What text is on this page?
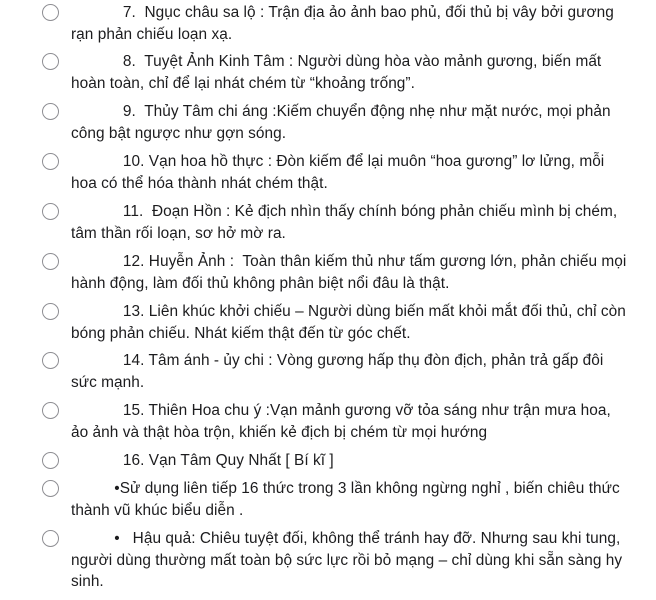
7.  Ngục châu sa lộ : Trận địa ảo ảnh bao phủ, đối thủ bị vây bởi gương rạn phản chiếu loạn xạ.
8.  Tuyệt Ảnh Kinh Tâm : Người dùng hòa vào mảnh gương, biến mất hoàn toàn, chỉ để lại nhát chém từ “khoảng trống”.
9.  Thủy Tâm chi áng :Kiếm chuyển động nhẹ như mặt nước, mọi phản công bật ngược như gợn sóng.
10. Vạn hoa hồ thực : Đòn kiếm để lại muôn “hoa gương” lơ lửng, mỗi hoa có thể hóa thành nhát chém thật.
11.  Đoạn Hồn : Kẻ địch nhìn thấy chính bóng phản chiếu mình bị chém, tâm thần rối loạn, sơ hở mờ ra.
12. Huyễn Ảnh :  Toàn thân kiếm thủ như tấm gương lớn, phản chiếu mọi hành động, làm đối thủ không phân biệt nổi đâu là thật.
13. Liên khúc khởi chiếu – Người dùng biến mất khỏi mắt đối thủ, chỉ còn bóng phản chiếu. Nhát kiếm thật đến từ góc chết.
14. Tâm ánh - ủy chi : Vòng gương hấp thụ đòn địch, phản trả gấp đôi sức mạnh.
15. Thiên Hoa chu ý :Vạn mảnh gương vỡ tỏa sáng như trận mưa hoa, ảo ảnh và thật hòa trộn, khiến kẻ địch bị chém từ mọi hướng
16. Vạn Tâm Quy Nhất [ Bí kĩ ]
•Sử dụng liên tiếp 16 thức trong 3 lần không ngừng nghỉ , biến chiêu thức thành vũ khúc biểu diễn .
•   Hậu quả: Chiêu tuyệt đối, không thể tránh hay đỡ. Nhưng sau khi tung, người dùng thường mất toàn bộ sức lực rồi bỏ mạng – chỉ dùng khi sẵn sàng hy sinh.
